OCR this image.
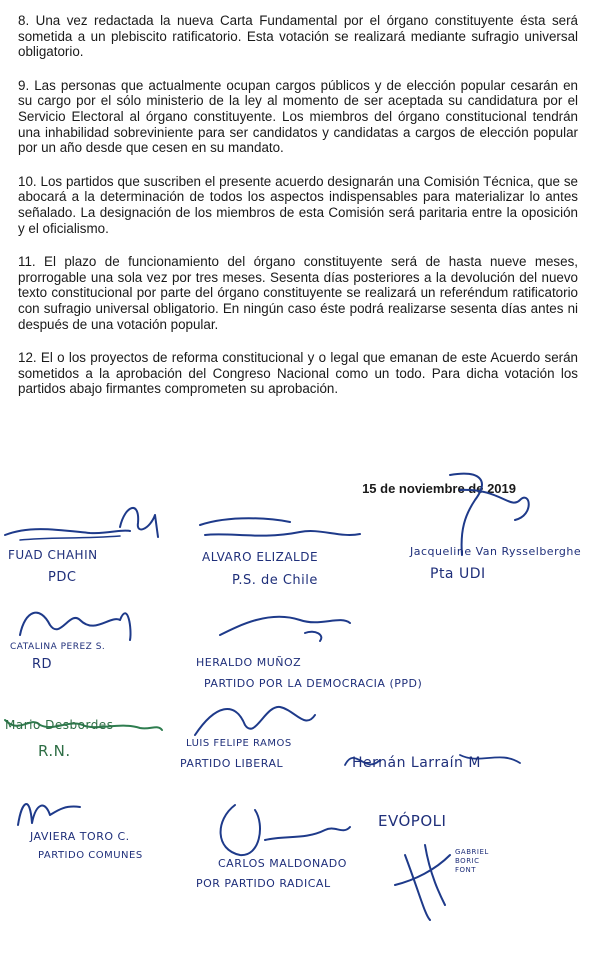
8. Una vez redactada la nueva Carta Fundamental por el órgano constituyente ésta será sometida a un plebiscito ratificatorio. Esta votación se realizará mediante sufragio universal obligatorio.

9. Las personas que actualmente ocupan cargos públicos y de elección popular cesarán en su cargo por el sólo ministerio de la ley al momento de ser aceptada su candidatura por el Servicio Electoral al órgano constituyente. Los miembros del órgano constitucional tendrán una inhabilidad sobreviniente para ser candidatos y candidatas a cargos de elección popular por un año desde que cesen en su mandato.

10. Los partidos que suscriben el presente acuerdo designarán una Comisión Técnica, que se abocará a la determinación de todos los aspectos indispensables para materializar lo antes señalado. La designación de los miembros de esta Comisión será paritaria entre la oposición y el oficialismo.

11. El plazo de funcionamiento del órgano constituyente será de hasta nueve meses, prorrogable una sola vez por tres meses. Sesenta días posteriores a la devolución del nuevo texto constitucional por parte del órgano constituyente se realizará un referéndum ratificatorio con sufragio universal obligatorio. En ningún caso éste podrá realizarse sesenta días antes ni después de una votación popular.

12. El o los proyectos de reforma constitucional y o legal que emanan de este Acuerdo serán sometidos a la aprobación del Congreso Nacional como un todo. Para dicha votación los partidos abajo firmantes comprometen su aprobación.

15 de noviembre de 2019
FUAD CHAHIN
PDC
ALVARO ELIZALDE
P.S. de Chile
Jacqueline Van Rysselberghe
Pta UDI
CATALINA PEREZ S.
RD	HERALDO MUÑOZ
PARTIDO POR LA DEMOCRACIA (PPD)
Mario Desbordes
R.N.	LUIS FELIPE RAMOS
PARTIDO LIBERAL	Hernán Larraín M
JAVIERA TORO C.
PARTIDO COMUNES
CARLOS MALDONADO
POR PARTIDO RADICAL
EVÓPOLI
GABRIEL BORIC FONT
